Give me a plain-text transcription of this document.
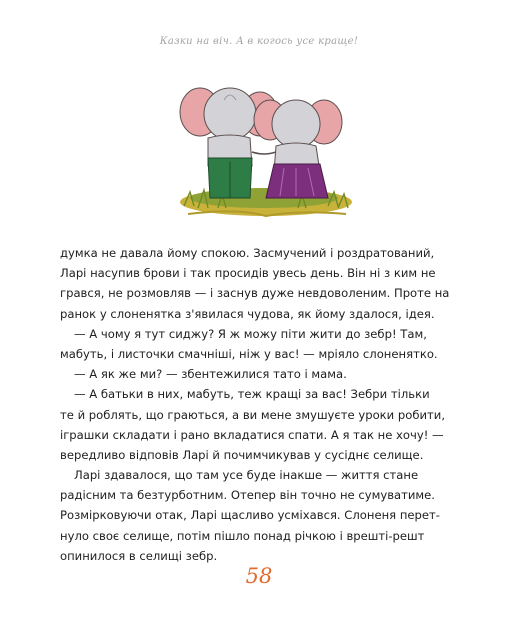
Казки на віч. А в когось усе краще!
думка не давала йому спокою. Засмучений і роздратований,
Ларі насупив брови і так просидів увесь день. Він ні з ким не
грався, не розмовляв — і заснув дуже невдоволеним. Проте на
ранок у слоненятка з'явилася чудова, як йому здалося, ідея.
— А чому я тут сиджу? Я ж можу піти жити до зебр! Там,
мабуть, і листочки смачніші, ніж у вас! — мріяло слоненятко.
— А як же ми? — збентежилися тато і мама.
— А батьки в них, мабуть, теж кращі за вас! Зебри тільки
те й роблять, що граються, а ви мене змушуєте уроки робити,
іграшки складати і рано вкладатися спати. А я так не хочу! —
вередливо відповів Ларі й почимчикував у сусіднє селище.
Ларі здавалося, що там усе буде інакше — життя стане
радісним та безтурботним. Отепер він точно не сумуватиме.
Розмірковуючи отак, Ларі щасливо усміхався. Слоненя перет-
нуло своє селище, потім пішло понад річкою і врешті-решт
опинилося в селищі зебр.
58
